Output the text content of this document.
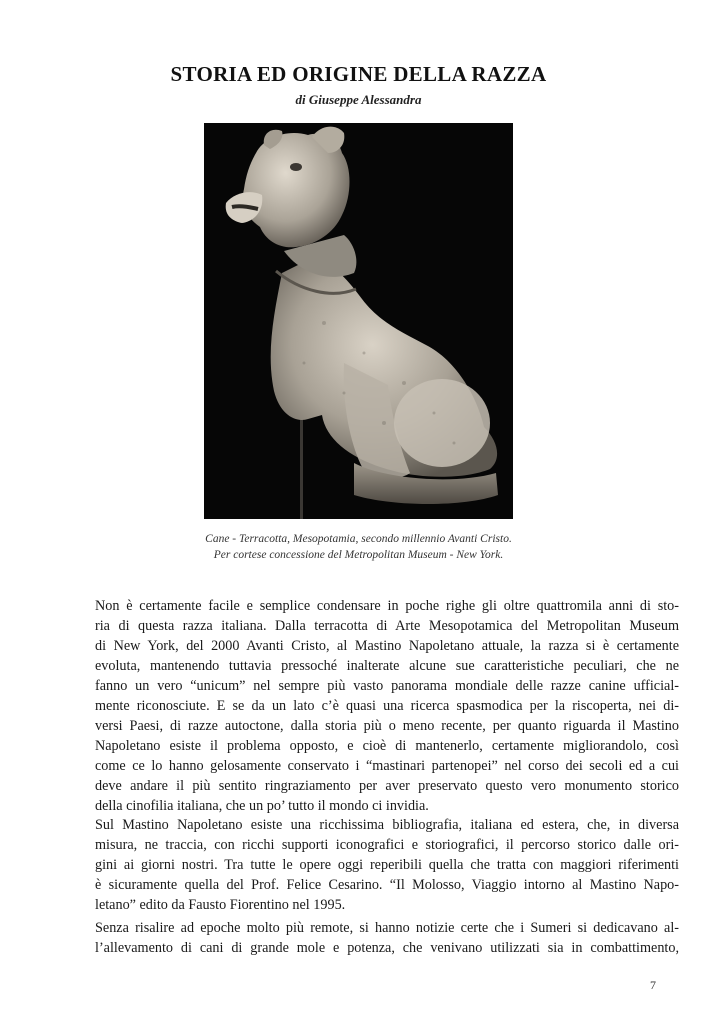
STORIA ED ORIGINE DELLA RAZZA
di Giuseppe Alessandra
Cane - Terracotta, Mesopotamia, secondo millennio Avanti Cristo.
Per cortese concessione del Metropolitan Museum - New York.
Non è certamente facile e semplice condensare in poche righe gli oltre quattromila anni di sto-
ria di questa razza italiana. Dalla terracotta di Arte Mesopotamica del Metropolitan Museum
di New York, del 2000 Avanti Cristo, al Mastino Napoletano attuale, la razza si è certamente
evoluta, mantenendo tuttavia pressoché inalterate alcune sue caratteristiche peculiari, che ne
fanno un vero “unicum” nel sempre più vasto panorama mondiale delle razze canine ufficial-
mente riconosciute. E se da un lato c’è quasi una ricerca spasmodica per la riscoperta, nei di-
versi Paesi, di razze autoctone, dalla storia più o meno recente, per quanto riguarda il Mastino
Napoletano esiste il problema opposto, e cioè di mantenerlo, certamente migliorandolo, così
come ce lo hanno gelosamente conservato i “mastinari partenopei” nel corso dei secoli ed a cui
deve andare il più sentito ringraziamento per aver preservato questo vero monumento storico
della cinofilia italiana, che un po’ tutto il mondo ci invidia.
Sul Mastino Napoletano esiste una ricchissima bibliografia, italiana ed estera, che, in diversa
misura, ne traccia, con ricchi supporti iconografici e storiografici, il percorso storico dalle ori-
gini ai giorni nostri. Tra tutte le opere oggi reperibili quella che tratta con maggiori riferimenti
è sicuramente quella del Prof. Felice Cesarino. “Il Molosso, Viaggio intorno al Mastino Napo-
letano” edito da Fausto Fiorentino nel 1995.
Senza risalire ad epoche molto più remote, si hanno notizie certe che i Sumeri si dedicavano al-
l’allevamento di cani di grande mole e potenza, che venivano utilizzati sia in combattimento,
7
